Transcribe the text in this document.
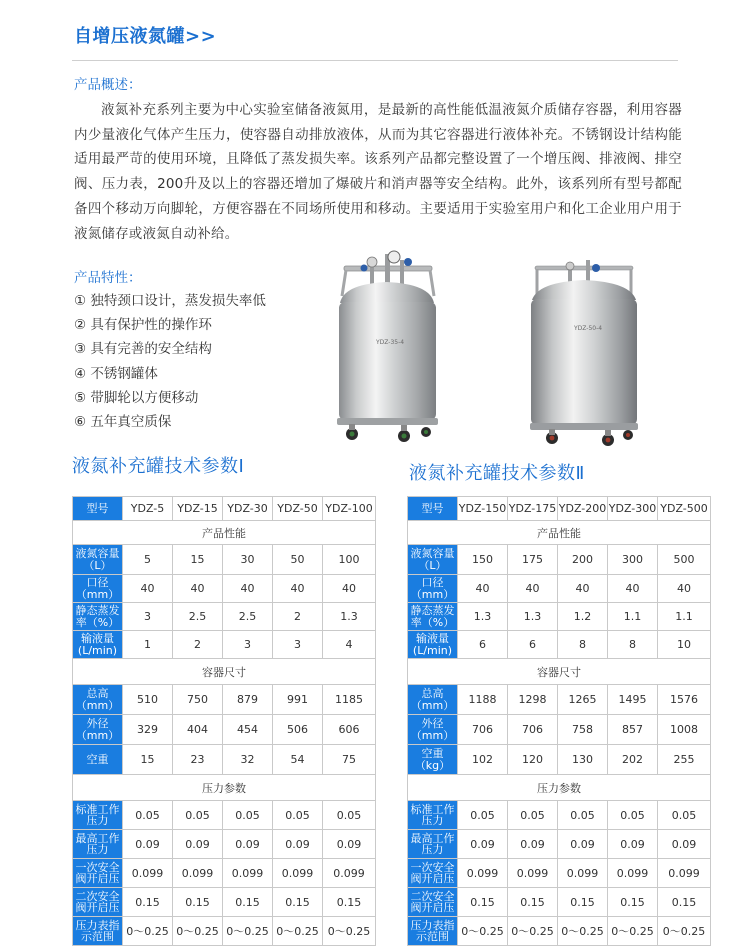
自增压液氮罐>>
产品概述：
液氮补充系列主要为中心实验室储备液氮用，是最新的高性能低温液氮介质储存容器，利用容器内少量液化气体产生压力，使容器自动排放液体，从而为其它容器进行液体补充。不锈钢设计结构能适用最严苛的使用环境，且降低了蒸发损失率。该系列产品都完整设置了一个增压阀、排液阀、排空阀、压力表，200升及以上的容器还增加了爆破片和消声器等安全结构。此外，该系列所有型号都配备四个移动万向脚轮，方便容器在不同场所使用和移动。主要适用于实验室用户和化工企业用户用于液氮储存或液氮自动补给。
产品特性：
① 独特颈口设计，蒸发损失率低
② 具有保护性的操作环
③ 具有完善的安全结构
④ 不锈钢罐体
⑤ 带脚轮以方便移动
⑥ 五年真空质保
YDZ-35-4
YDZ-50-4
液氮补充罐技术参数Ⅰ	液氮补充罐技术参数Ⅱ
型号	YDZ-5	YDZ-15	YDZ-30	YDZ-50	YDZ-100
产品性能					
液氮容量（L）	5	15	30	50	100
口径（mm）	40	40	40	40	40
静态蒸发率（%）	3	2.5	2.5	2	1.3
输液量(L/min)	1	2	3	3	4
容器尺寸					
总高（mm）	510	750	879	991	1185
外径（mm）	329	404	454	506	606
空重	15	23	32	54	75
压力参数					
标准工作压力	0.05	0.05	0.05	0.05	0.05
最高工作压力	0.09	0.09	0.09	0.09	0.09
一次安全阀开启压	0.099	0.099	0.099	0.099	0.099
二次安全阀开启压	0.15	0.15	0.15	0.15	0.15
压力表指示范围	0～0.25	0～0.25	0～0.25	0～0.25	0～0.25
型号	YDZ-150	YDZ-175	YDZ-200	YDZ-300	YDZ-500
产品性能					
液氮容量（L）	150	175	200	300	500
口径（mm）	40	40	40	40	40
静态蒸发率（%）	1.3	1.3	1.2	1.1	1.1
输液量(L/min)	6	6	8	8	10
容器尺寸					
总高（mm）	1188	1298	1265	1495	1576
外径（mm）	706	706	758	857	1008
空重（kg）	102	120	130	202	255
压力参数					
标准工作压力	0.05	0.05	0.05	0.05	0.05
最高工作压力	0.09	0.09	0.09	0.09	0.09
一次安全阀开启压	0.099	0.099	0.099	0.099	0.099
二次安全阀开启压	0.15	0.15	0.15	0.15	0.15
压力表指示范围	0～0.25	0～0.25	0～0.25	0～0.25	0～0.25
